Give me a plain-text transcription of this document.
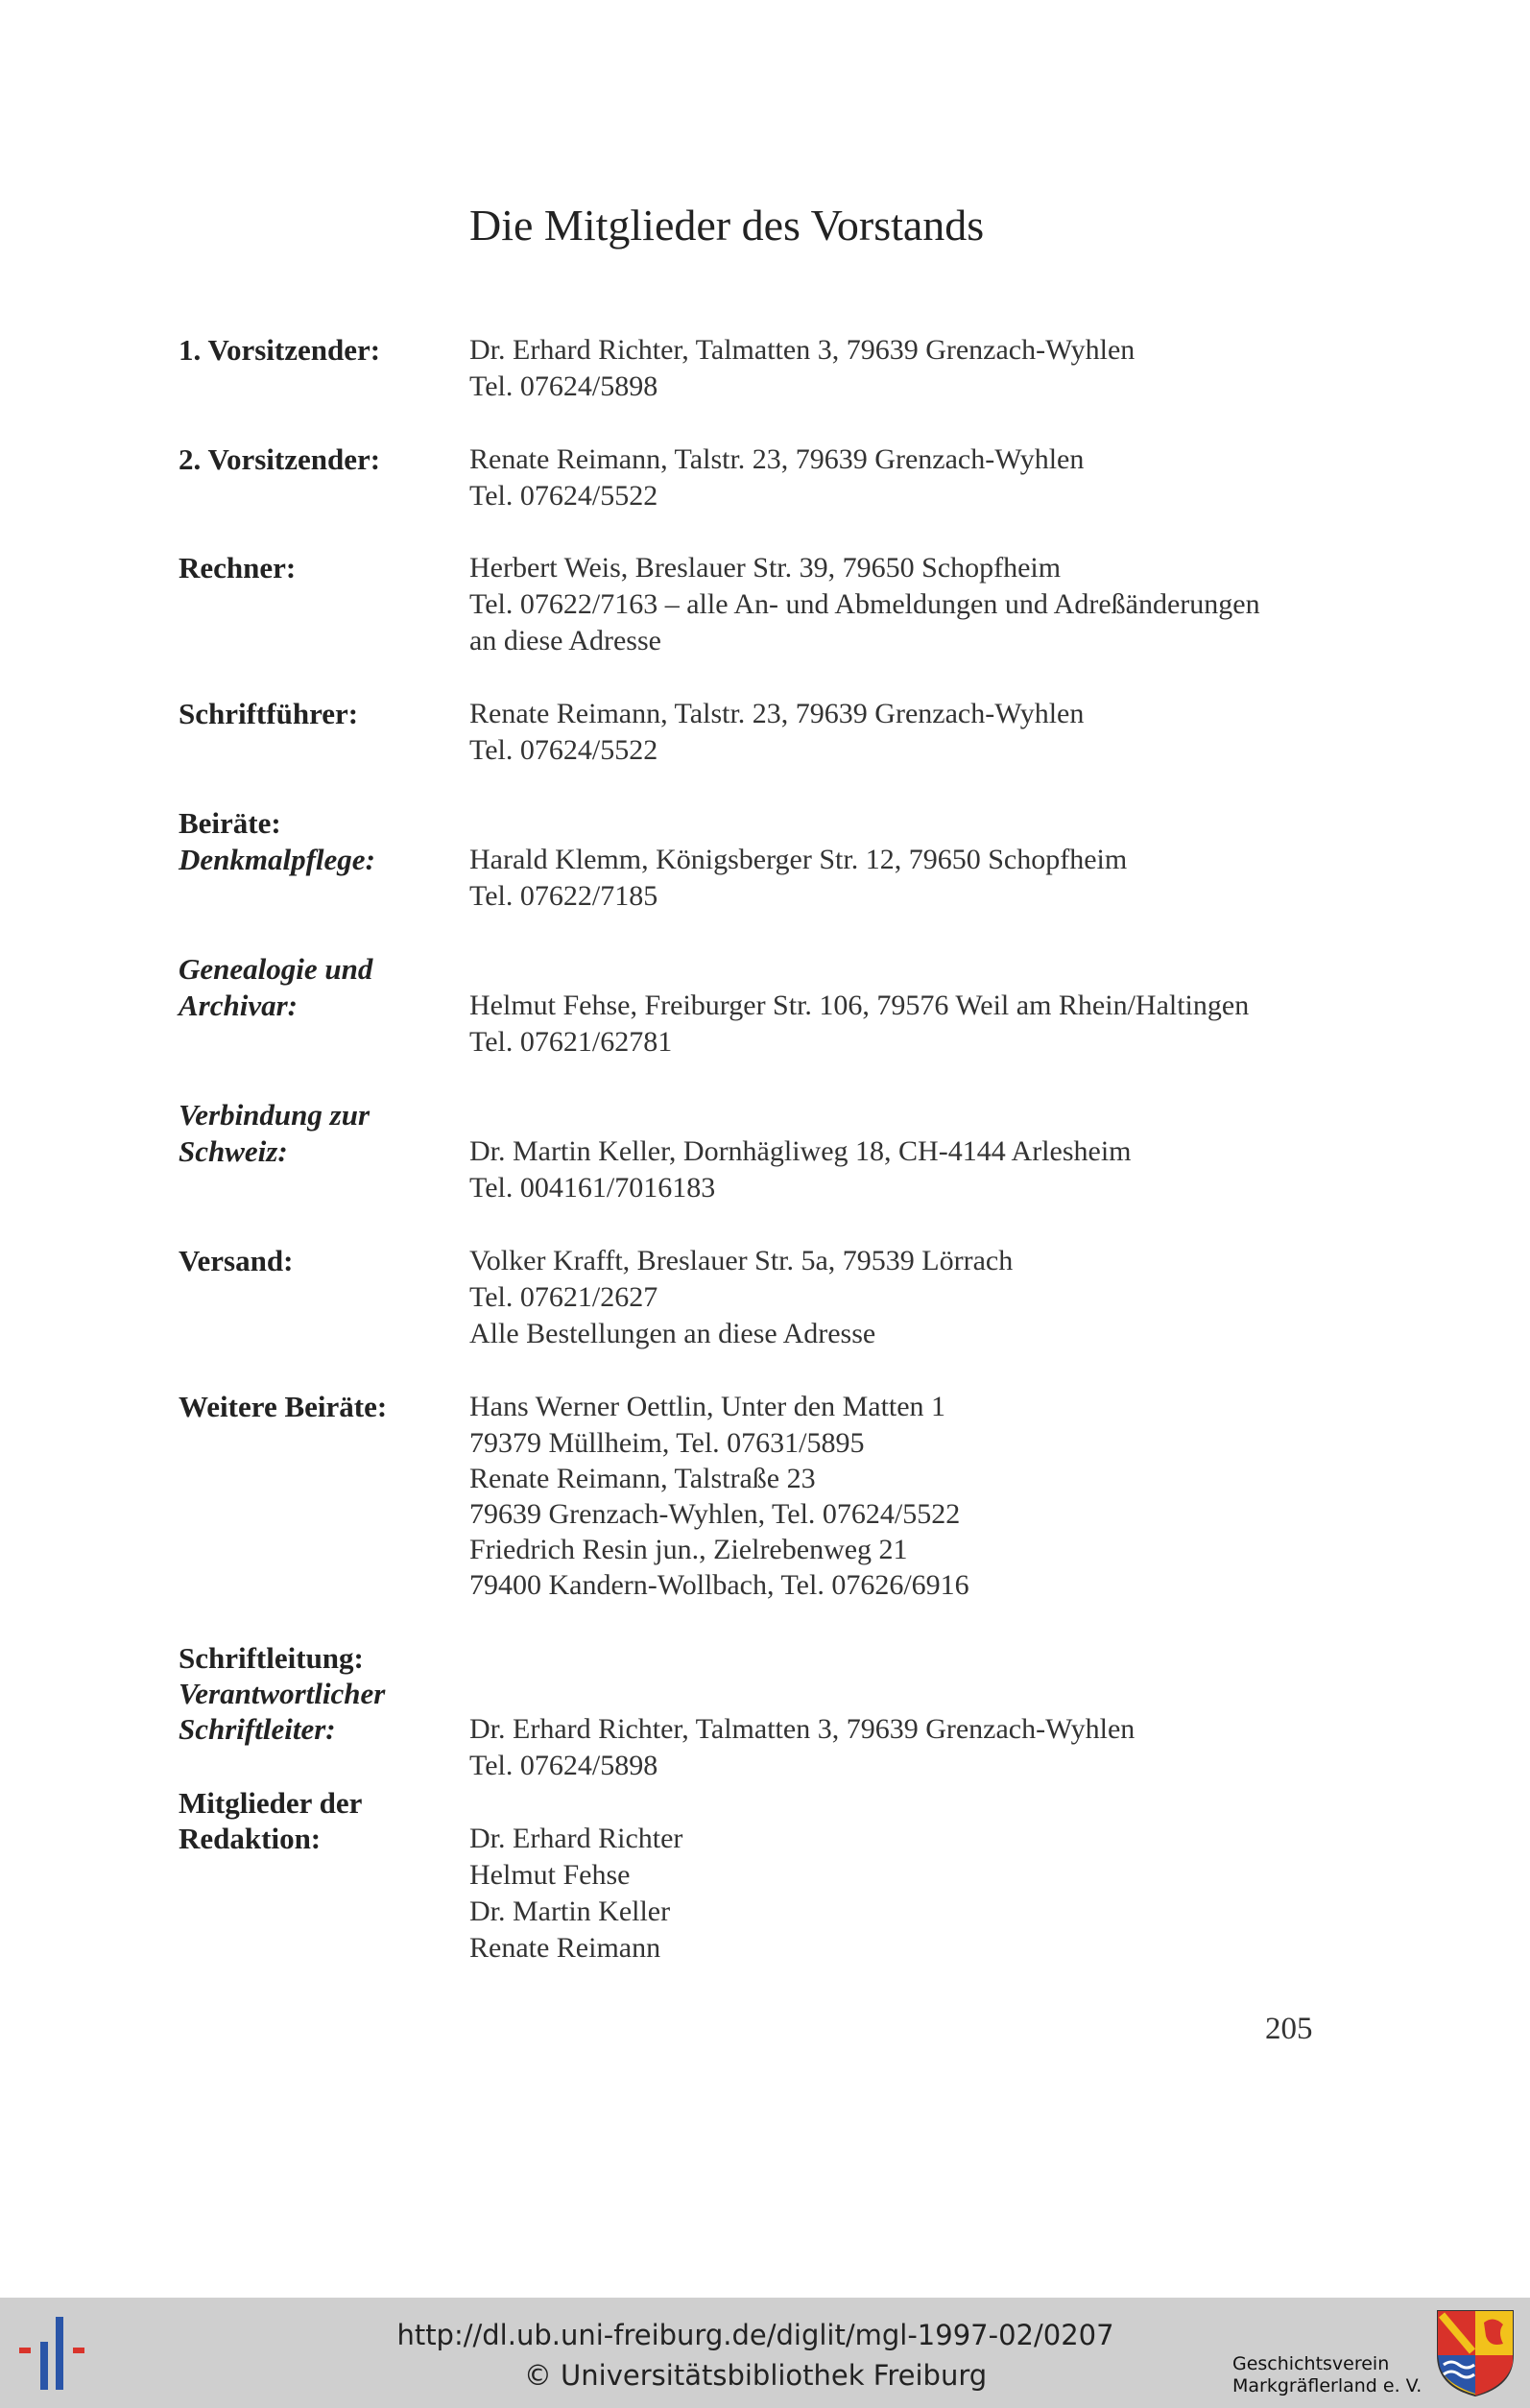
Die Mitglieder des Vorstands
1. Vorsitzender:	Dr. Erhard Richter, Talmatten 3, 79639 Grenzach-Wyhlen
Tel. 07624/5898
2. Vorsitzender:	Renate Reimann, Talstr. 23, 79639 Grenzach-Wyhlen
Tel. 07624/5522
Rechner:	Herbert Weis, Breslauer Str. 39, 79650 Schopfheim
Tel. 07622/7163 – alle An- und Abmeldungen und Adreßänderungen
an diese Adresse
Schriftführer:	Renate Reimann, Talstr. 23, 79639 Grenzach-Wyhlen
Tel. 07624/5522
Beiräte:
Denkmalpflege:	Harald Klemm, Königsberger Str. 12, 79650 Schopfheim
Tel. 07622/7185
Genealogie und
Archivar:	Helmut Fehse, Freiburger Str. 106, 79576 Weil am Rhein/Haltingen
Tel. 07621/62781
Verbindung zur
Schweiz:	Dr. Martin Keller, Dornhägliweg 18, CH-4144 Arlesheim
Tel. 004161/7016183
Versand:	Volker Krafft, Breslauer Str. 5a, 79539 Lörrach
Tel. 07621/2627
Alle Bestellungen an diese Adresse
Weitere Beiräte:	Hans Werner Oettlin, Unter den Matten 1
79379 Müllheim, Tel. 07631/5895
Renate Reimann, Talstraße 23
79639 Grenzach-Wyhlen, Tel. 07624/5522
Friedrich Resin jun., Zielrebenweg 21
79400 Kandern-Wollbach, Tel. 07626/6916
Schriftleitung:
Verantwortlicher
Schriftleiter:	Dr. Erhard Richter, Talmatten 3, 79639 Grenzach-Wyhlen
Tel. 07624/5898
Mitglieder der
Redaktion:	Dr. Erhard Richter
Helmut Fehse
Dr. Martin Keller
Renate Reimann
205
http://dl.ub.uni-freiburg.de/diglit/mgl-1997-02/0207
© Universitätsbibliothek Freiburg	Geschichtsverein
Markgräflerland e. V.
